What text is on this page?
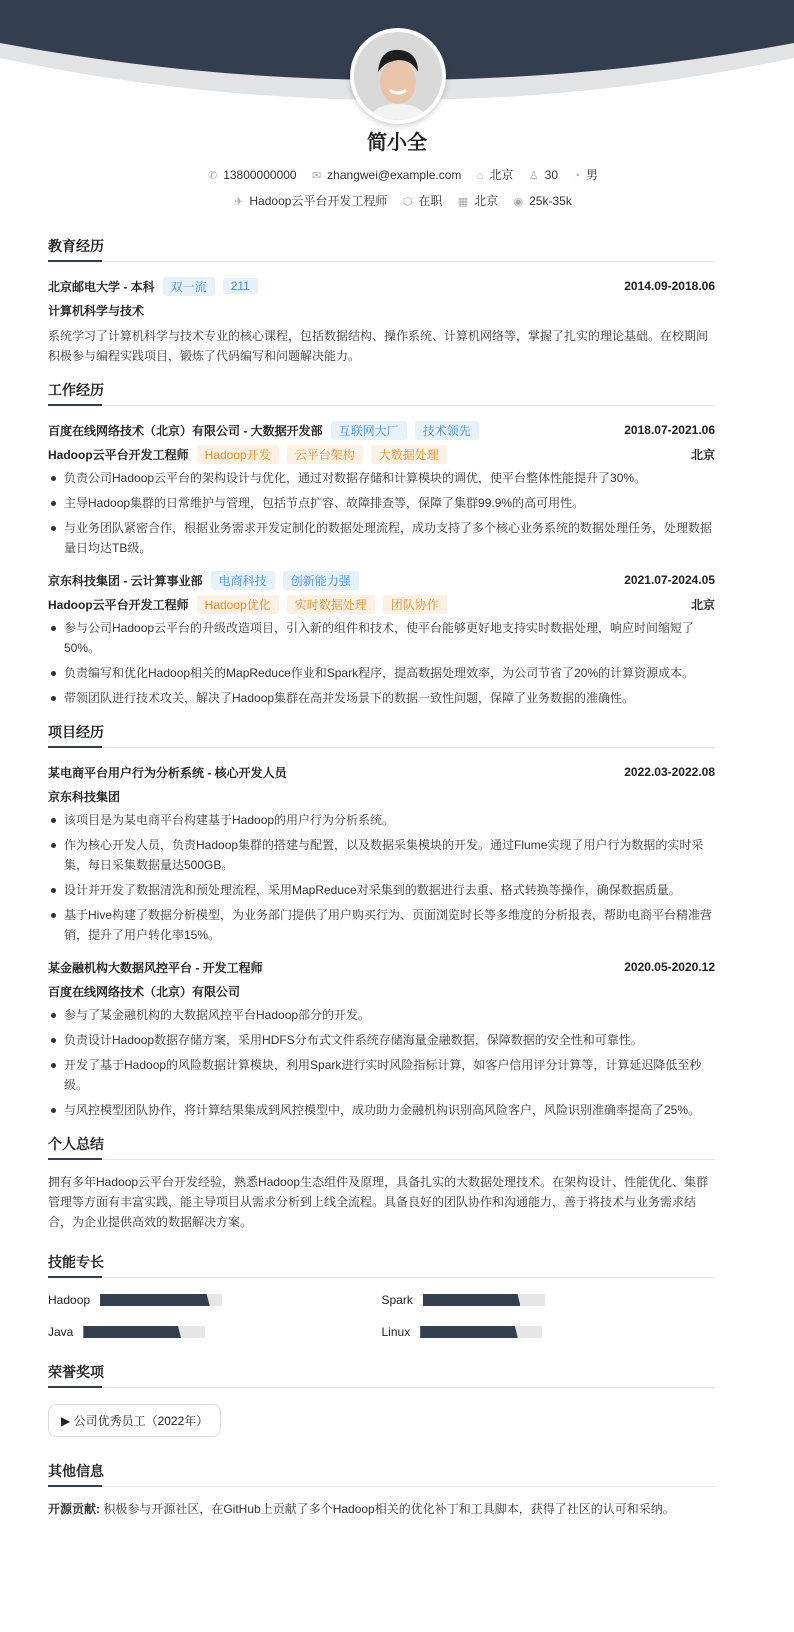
简小全
✆ 13800000000 ✉ zhangwei@example.com ⌂ 北京 ♙ 30 ◔ 男
✈ Hadoop云平台开发工程师 ⬡ 在职 ▦ 北京 ◉ 25k-35k
教育经历
北京邮电大学 - 本科	双一流	211	2014.09-2018.06
计算机科学与技术

系统学习了计算机科学与技术专业的核心课程，包括数据结构、操作系统、计算机网络等，掌握了扎实的理论基础。在校期间积极参与编程实践项目，锻炼了代码编写和问题解决能力。

工作经历
百度在线网络技术（北京）有限公司 - 大数据开发部	互联网大厂	技术领先	2018.07-2021.06
Hadoop云平台开发工程师	Hadoop开发	云平台架构	大数据处理	北京
负责公司Hadoop云平台的架构设计与优化，通过对数据存储和计算模块的调优，使平台整体性能提升了30%。
主导Hadoop集群的日常维护与管理，包括节点扩容、故障排查等，保障了集群99.9%的高可用性。
与业务团队紧密合作，根据业务需求开发定制化的数据处理流程，成功支持了多个核心业务系统的数据处理任务，处理数据量日均达TB级。
京东科技集团 - 云计算事业部	电商科技	创新能力强	2021.07-2024.05
Hadoop云平台开发工程师	Hadoop优化	实时数据处理	团队协作	北京
参与公司Hadoop云平台的升级改造项目，引入新的组件和技术，使平台能够更好地支持实时数据处理，响应时间缩短了50%。
负责编写和优化Hadoop相关的MapReduce作业和Spark程序，提高数据处理效率，为公司节省了20%的计算资源成本。
带领团队进行技术攻关，解决了Hadoop集群在高并发场景下的数据一致性问题，保障了业务数据的准确性。
项目经历
某电商平台用户行为分析系统 - 核心开发人员	2022.03-2022.08
京东科技集团
该项目是为某电商平台构建基于Hadoop的用户行为分析系统。
作为核心开发人员，负责Hadoop集群的搭建与配置，以及数据采集模块的开发。通过Flume实现了用户行为数据的实时采集，每日采集数据量达500GB。
设计并开发了数据清洗和预处理流程，采用MapReduce对采集到的数据进行去重、格式转换等操作，确保数据质量。
基于Hive构建了数据分析模型，为业务部门提供了用户购买行为、页面浏览时长等多维度的分析报表，帮助电商平台精准营销，提升了用户转化率15%。
某金融机构大数据风控平台 - 开发工程师	2020.05-2020.12
百度在线网络技术（北京）有限公司
参与了某金融机构的大数据风控平台Hadoop部分的开发。
负责设计Hadoop数据存储方案，采用HDFS分布式文件系统存储海量金融数据，保障数据的安全性和可靠性。
开发了基于Hadoop的风险数据计算模块，利用Spark进行实时风险指标计算，如客户信用评分计算等，计算延迟降低至秒级。
与风控模型团队协作，将计算结果集成到风控模型中，成功助力金融机构识别高风险客户，风险识别准确率提高了25%。
个人总结

拥有多年Hadoop云平台开发经验，熟悉Hadoop生态组件及原理，具备扎实的大数据处理技术。在架构设计、性能优化、集群管理等方面有丰富实践，能主导项目从需求分析到上线全流程。具备良好的团队协作和沟通能力，善于将技术与业务需求结合，为企业提供高效的数据解决方案。

技能专长
Hadoop	Spark
Java	Linux
荣誉奖项
▶ 公司优秀员工（2022年）
其他信息

开源贡献: 积极参与开源社区，在GitHub上贡献了多个Hadoop相关的优化补丁和工具脚本，获得了社区的认可和采纳。
